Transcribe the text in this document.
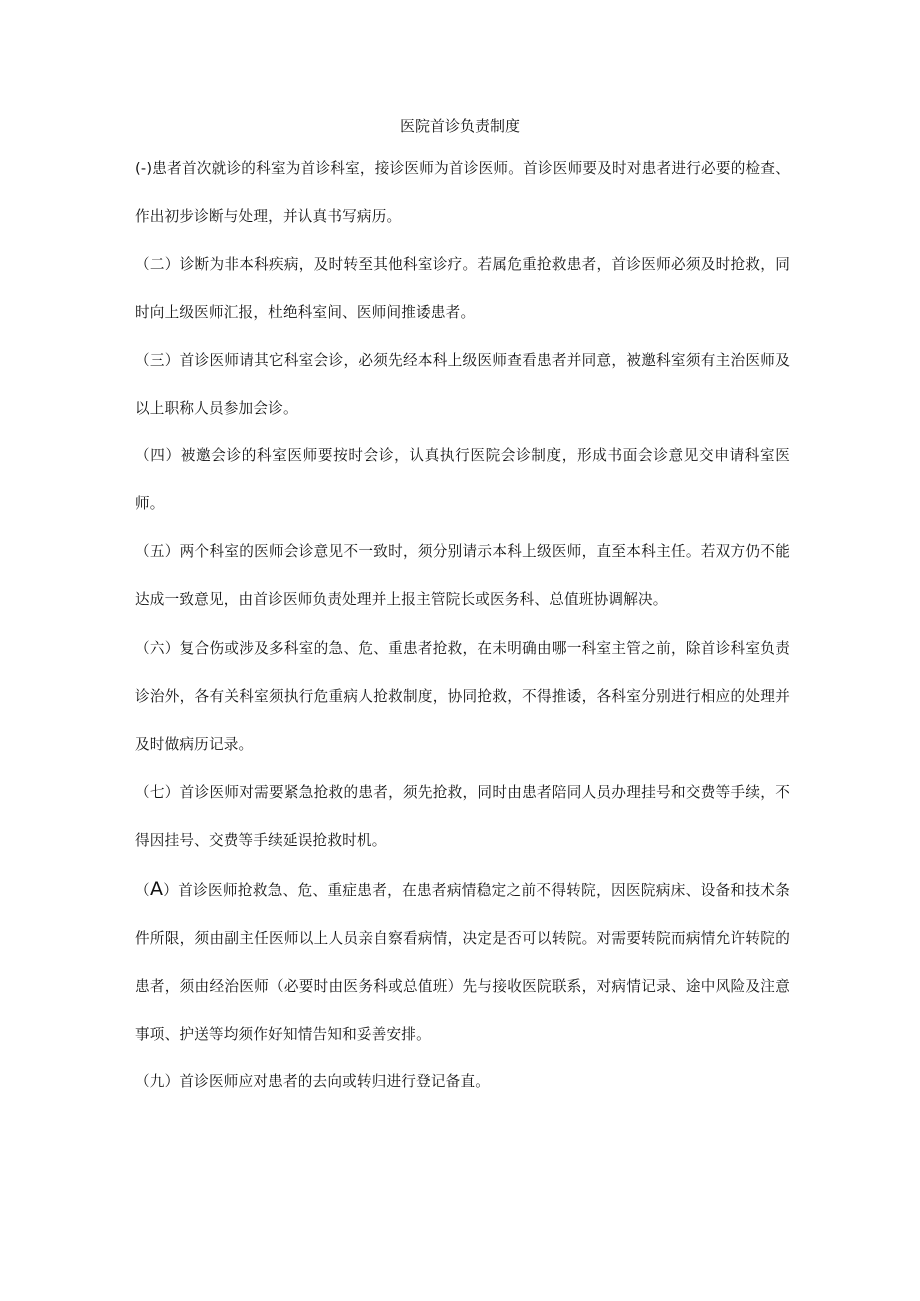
医院首诊负责制度

(-)患者首次就诊的科室为首诊科室，接诊医师为首诊医师。首诊医师要及时对患者进行必要的检查、作出初步诊断与处理，并认真书写病历。

（二）诊断为非本科疾病，及时转至其他科室诊疗。若属危重抢救患者，首诊医师必须及时抢救，同时向上级医师汇报，杜绝科室间、医师间推诿患者。

（三）首诊医师请其它科室会诊，必须先经本科上级医师查看患者并同意，被邀科室须有主治医师及以上职称人员参加会诊。

（四）被邀会诊的科室医师要按时会诊，认真执行医院会诊制度，形成书面会诊意见交申请科室医师。

（五）两个科室的医师会诊意见不一致时，须分别请示本科上级医师，直至本科主任。若双方仍不能达成一致意见，由首诊医师负责处理并上报主管院长或医务科、总值班协调解决。

（六）复合伤或涉及多科室的急、危、重患者抢救，在未明确由哪一科室主管之前，除首诊科室负责诊治外，各有关科室须执行危重病人抢救制度，协同抢救，不得推诿，各科室分别进行相应的处理并及时做病历记录。

（七）首诊医师对需要紧急抢救的患者，须先抢救，同时由患者陪同人员办理挂号和交费等手续，不得因挂号、交费等手续延误抢救时机。

（A）首诊医师抢救急、危、重症患者，在患者病情稳定之前不得转院，因医院病床、设备和技术条件所限，须由副主任医师以上人员亲自察看病情，决定是否可以转院。对需要转院而病情允许转院的患者，须由经治医师（必要时由医务科或总值班）先与接收医院联系，对病情记录、途中风险及注意事项、护送等均须作好知情告知和妥善安排。

（九）首诊医师应对患者的去向或转归进行登记备直。
